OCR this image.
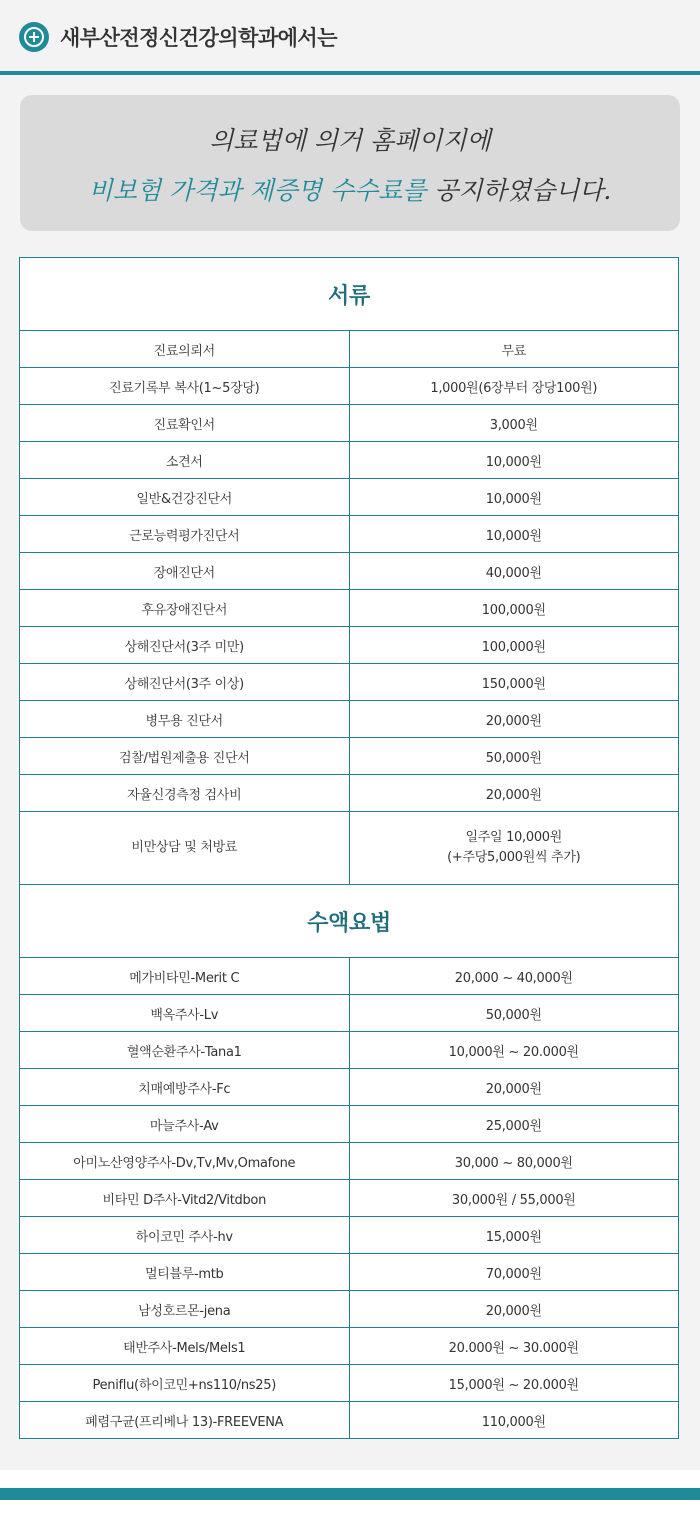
새부산전정신건강의학과에서는
의료법에 의거 홈페이지에
비보험 가격과 제증명 수수료를 공지하였습니다.
서류	
진료의뢰서	무료
진료기록부 복사(1~5장당)	1,000원(6장부터 장당100원)
진료확인서	3,000원
소견서	10,000원
일반&건강진단서	10,000원
근로능력평가진단서	10,000원
장애진단서	40,000원
후유장애진단서	100,000원
상해진단서(3주 미만)	100,000원
상해진단서(3주 이상)	150,000원
병무용 진단서	20,000원
검찰/법원제출용 진단서	50,000원
자율신경측정 검사비	20,000원
비만상담 및 처방료	일주일 10,000원
(+주당5,000원씩 추가)

수액요법	
메가비타민-Merit C	20,000 ~ 40,000원
백옥주사-Lv	50,000원
혈액순환주사-Tana1	10,000원 ~ 20.000원
치매예방주사-Fc	20,000원
마늘주사-Av	25,000원
아미노산영양주사-Dv,Tv,Mv,Omafone	30,000 ~ 80,000원
비타민 D주사-Vitd2/Vitdbon	30,000원 / 55,000원
하이코민 주사-hv	15,000원
멀티블루-mtb	70,000원
남성호르몬-jena	20,000원
태반주사-Mels/Mels1	20.000원 ~ 30.000원
Peniflu(하이코민+ns110/ns25)	15,000원 ~ 20.000원
폐렴구균(프리베나 13)-FREEVENA	110,000원
